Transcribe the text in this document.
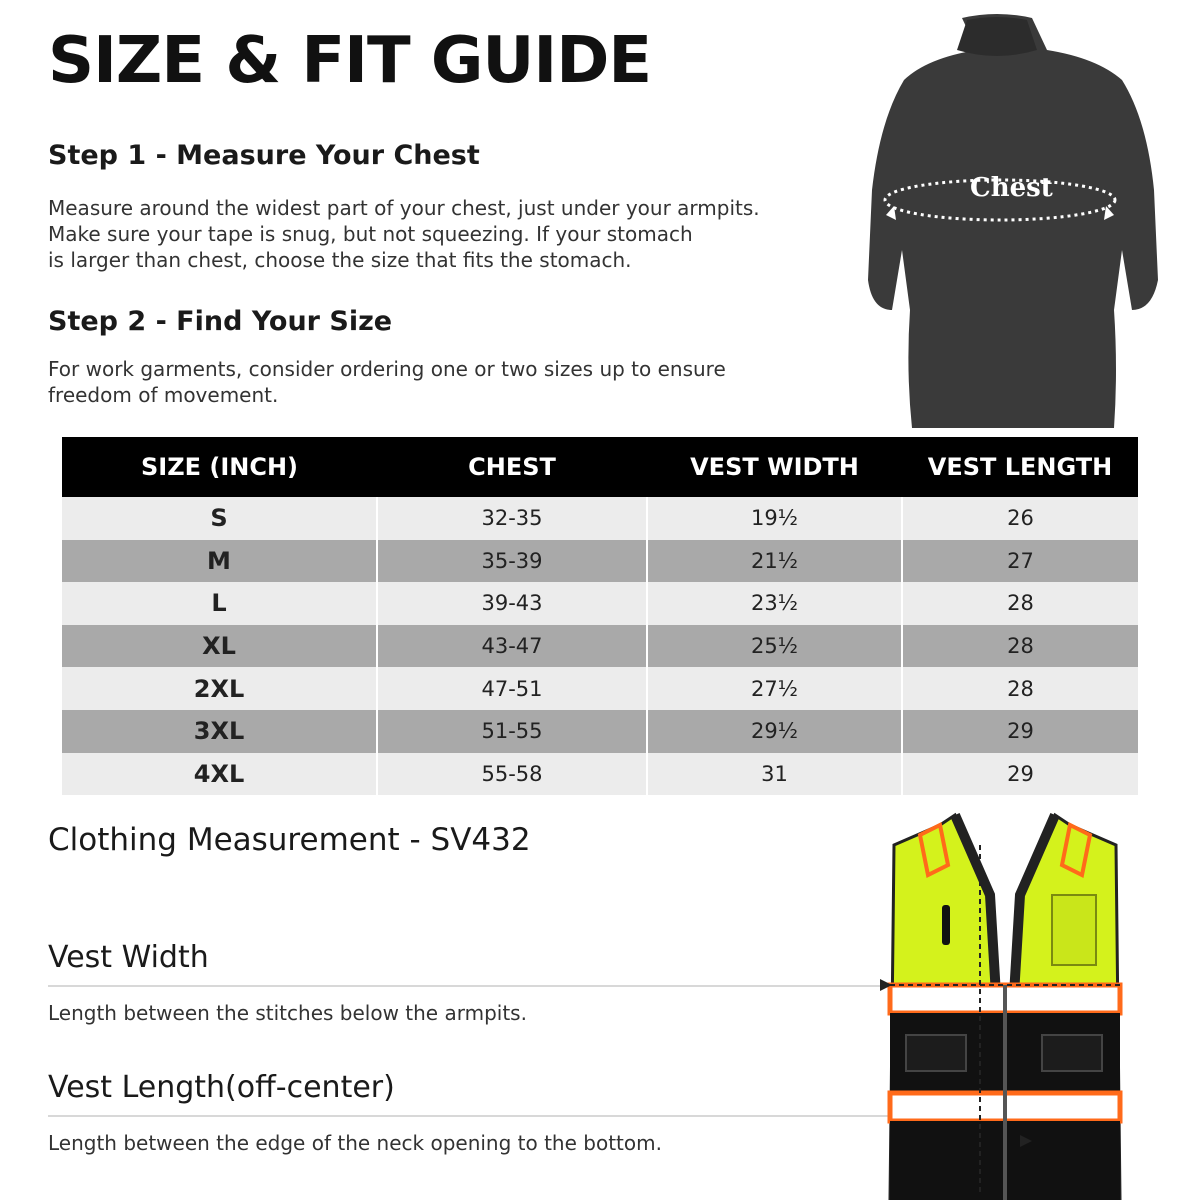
SIZE & FIT GUIDE
Step 1 - Measure Your Chest
Measure around the widest part of your chest, just under your armpits.
Make sure your tape is snug, but not squeezing. If your stomach
is larger than chest, choose the size that fits the stomach.
Step 2 - Find Your Size
For work garments, consider ordering one or two sizes up to ensure
freedom of movement.
Chest
SIZE (INCH)	CHEST	VEST WIDTH	VEST LENGTH
S	32-35	19½	26
M	35-39	21½	27
L	39-43	23½	28
XL	43-47	25½	28
2XL	47-51	27½	28
3XL	51-55	29½	29
4XL	55-58	31	29
Clothing Measurement - SV432
Vest Width
Length between the stitches below the armpits.
Vest Length(off-center)
Length between the edge of the neck opening to the bottom.
